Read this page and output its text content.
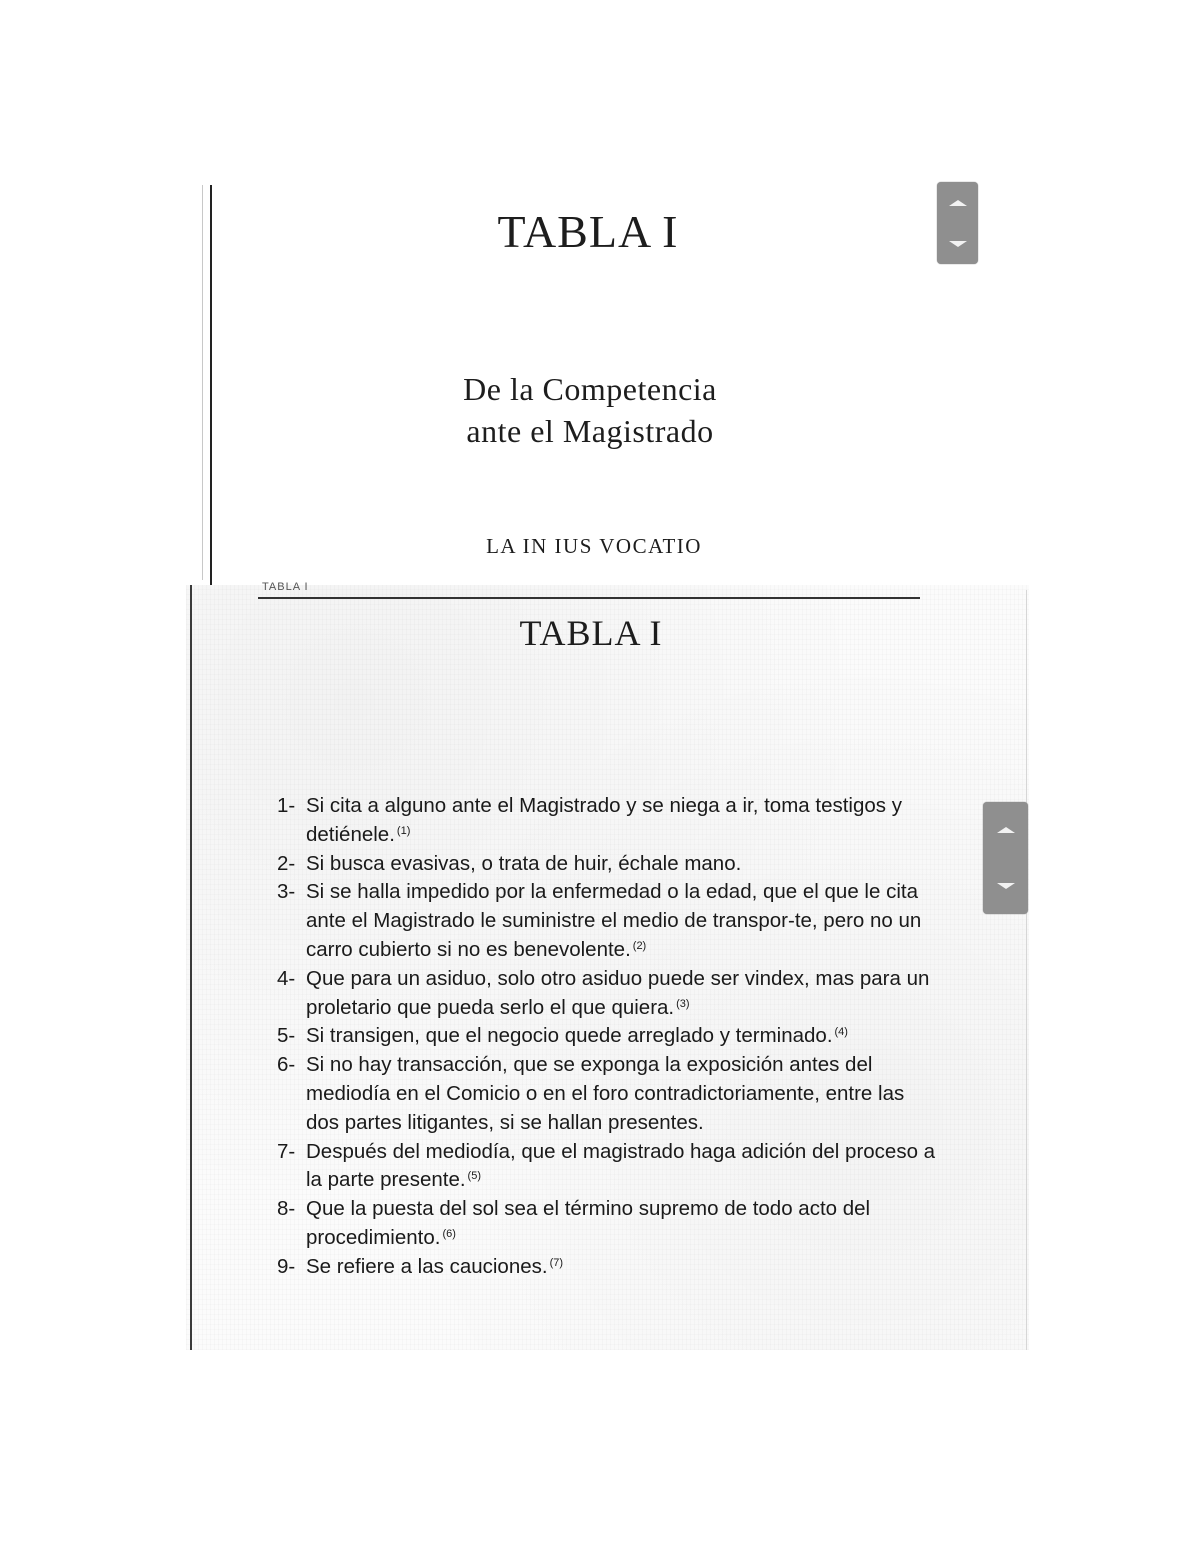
TABLA I
De la Competencia
ante el Magistrado
LA IN IUS VOCATIO
TABLA I
TABLA I
1- Si cita a alguno ante el Magistrado y se niega a ir, toma testigos y detiénele. $^{(1)}$
2- Si busca evasivas, o trata de huir, échale mano.
3- Si se halla impedido por la enfermedad o la edad, que el que le cita ante el Magistrado le suministre el medio de transpor-te, pero no un carro cubierto si no es benevolente. $^{(2)}$
4- Que para un asiduo, solo otro asiduo puede ser vindex, mas para un proletario que pueda serlo el que quiera. $^{(3)}$
5- Si transigen, que el negocio quede arreglado y terminado. $^{(4)}$
6- Si no hay transacción, que se exponga la exposición antes del mediodía en el Comicio o en el foro contradictoriamente, entre las dos partes litigantes, si se hallan presentes.
7- Después del mediodía, que el magistrado haga adición del proceso a la parte presente. $^{(5)}$
8- Que la puesta del sol sea el término supremo de todo acto del procedimiento. $^{(6)}$
9- Se refiere a las cauciones. $^{(7)}$
